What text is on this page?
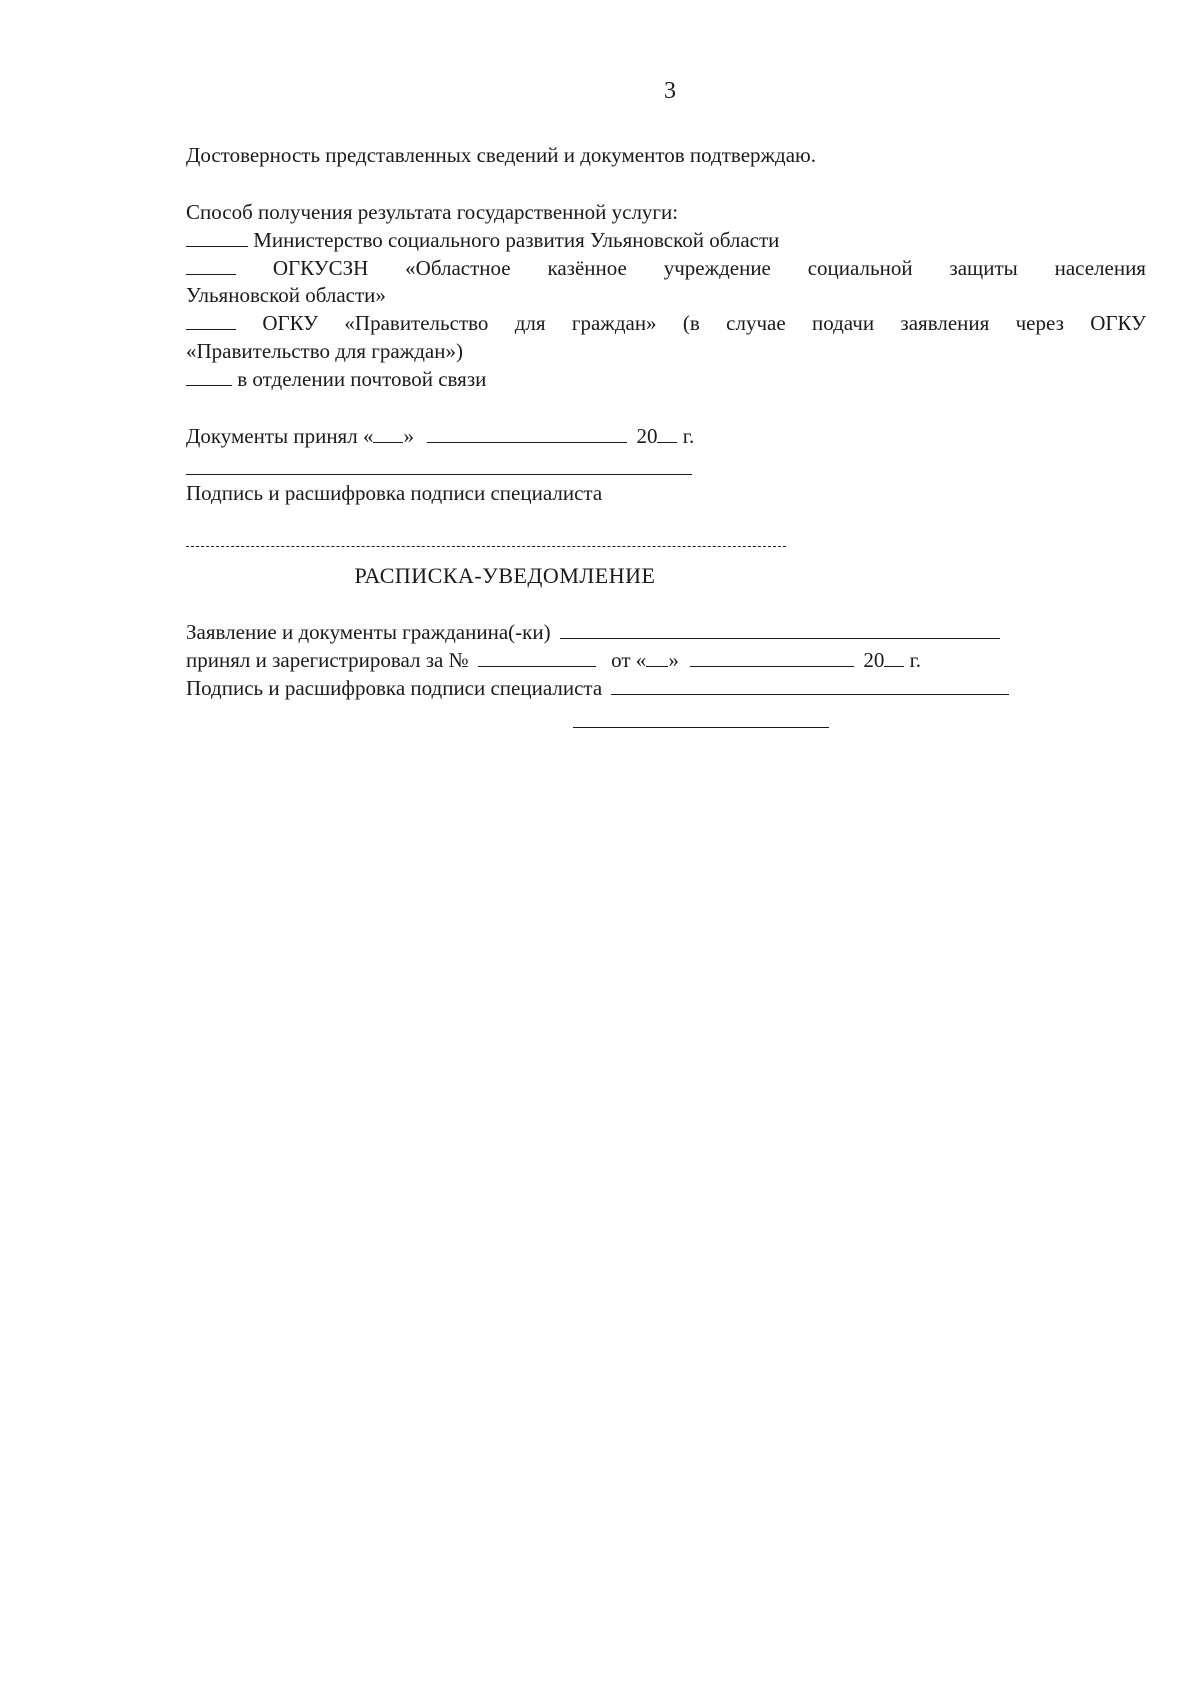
3
Достоверность представленных сведений и документов подтверждаю.
Способ получения результата государственной услуги:
Министерство социального развития Ульяновской области
ОГКУСЗН «Областное казённое учреждение социальной защиты населения
Ульяновской области»
ОГКУ «Правительство для граждан» (в случае подачи заявления через ОГКУ
«Правительство для граждан»)
в отделении почтовой связи
Документы принял « »	20 г.
Подпись и расшифровка подписи специалиста
РАСПИСКА-УВЕДОМЛЕНИЕ
Заявление и документы гражданина(-ки)
принял и зарегистрировал за №	от « »	20 г.
Подпись и расшифровка подписи специалиста
